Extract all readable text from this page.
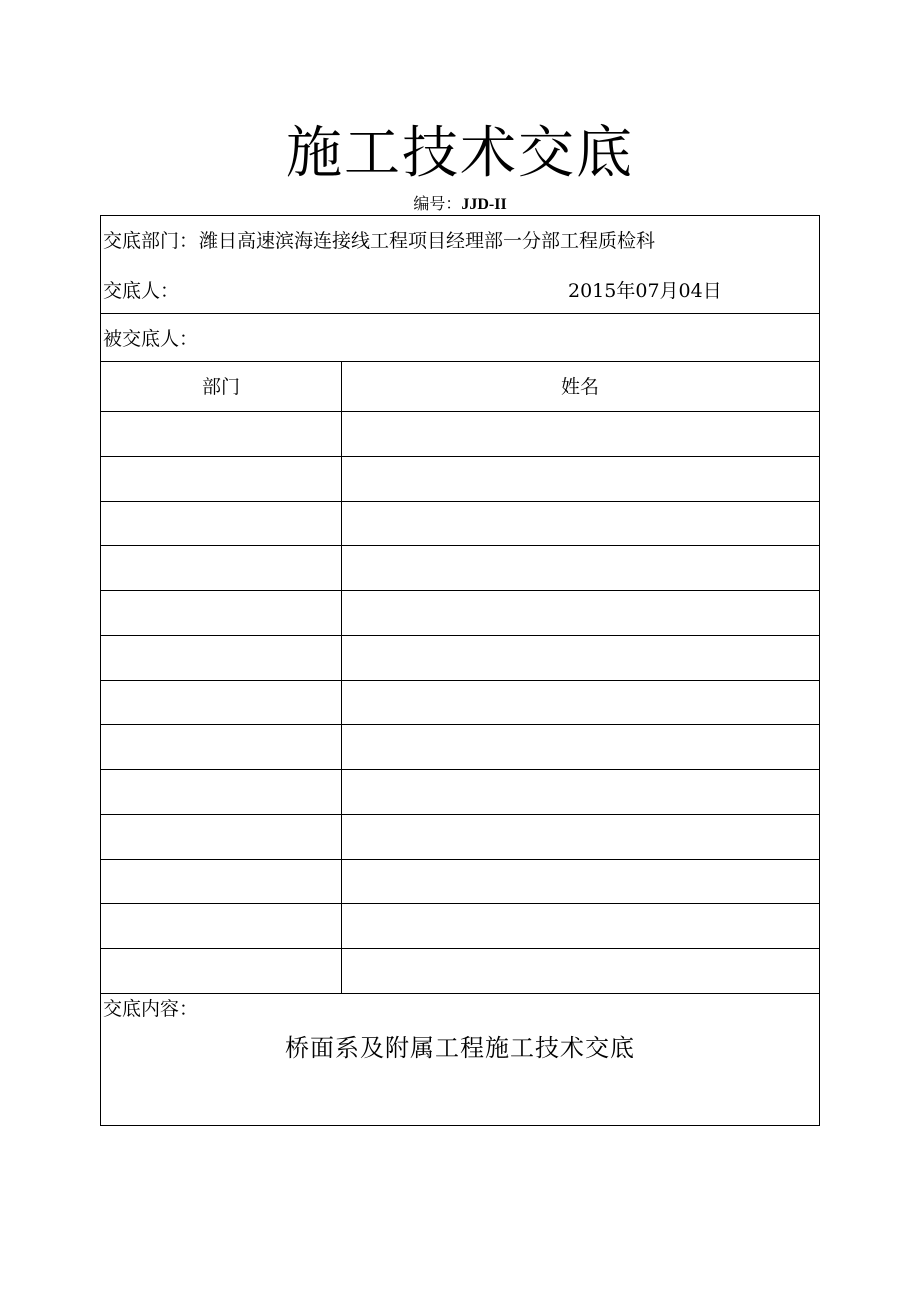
施工技术交底
编号：JJD-II
交底部门： 潍日高速滨海连接线工程项目经理部一分部工程质检科
交底人：	2015年07月04日
被交底人：
部门	姓名
交底内容：
桥面系及附属工程施工技术交底
